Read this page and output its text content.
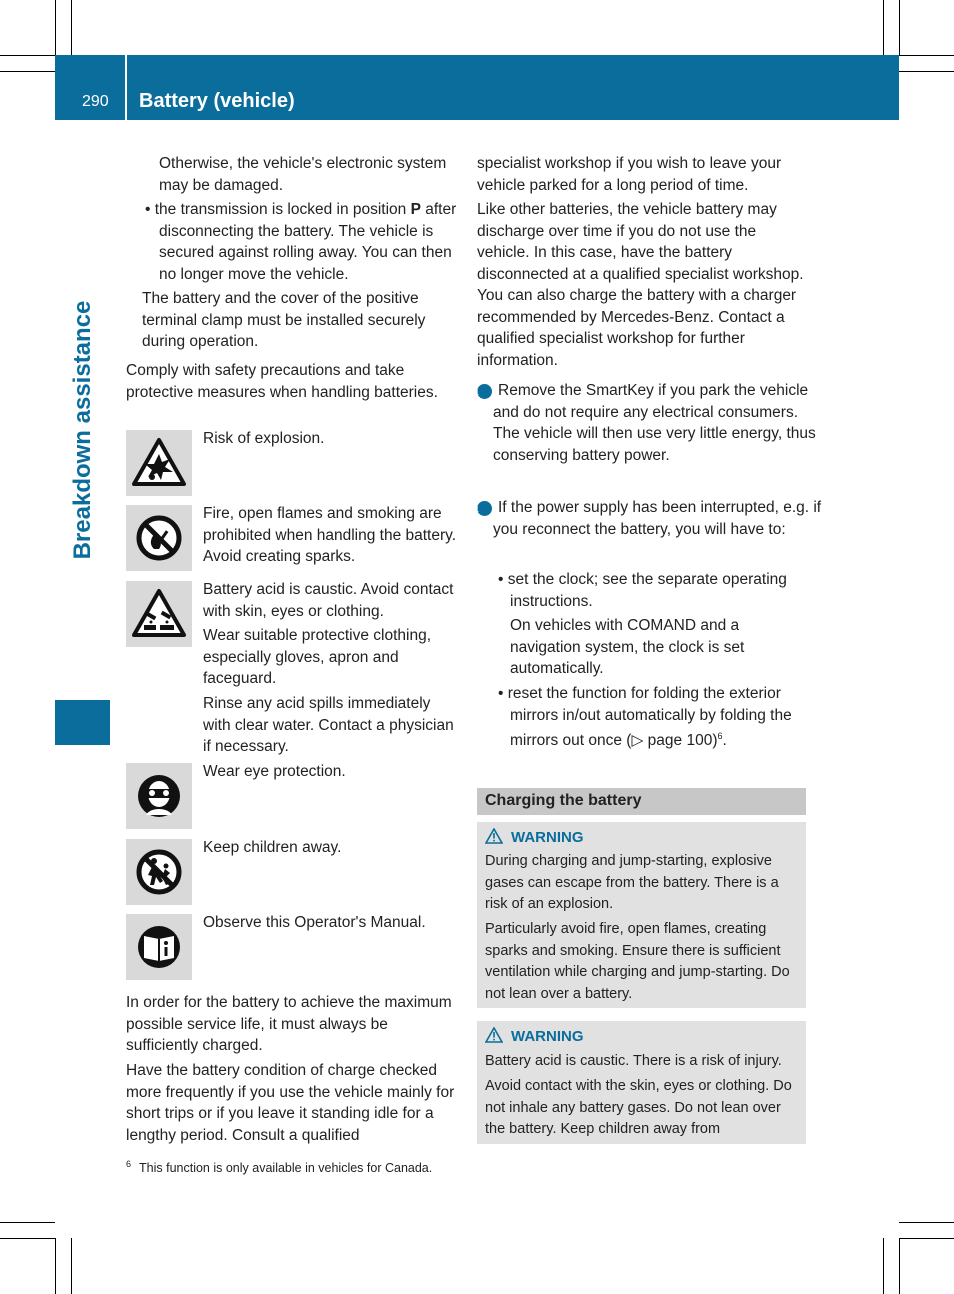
290 Battery (vehicle)
Breakdown assistance
Otherwise, the vehicle's electronic system may be damaged.
• the transmission is locked in position P after disconnecting the battery. The vehicle is secured against rolling away. You can then no longer move the vehicle.
The battery and the cover of the positive terminal clamp must be installed securely during operation.
Comply with safety precautions and take protective measures when handling batteries.
Risk of explosion.
Fire, open flames and smoking are prohibited when handling the battery. Avoid creating sparks.
Battery acid is caustic. Avoid contact with skin, eyes or clothing.
Wear suitable protective clothing, especially gloves, apron and faceguard.
Rinse any acid spills immediately with clear water. Contact a physician if necessary.
Wear eye protection.
Keep children away.
Observe this Operator's Manual.
In order for the battery to achieve the maximum possible service life, it must always be sufficiently charged.
Have the battery condition of charge checked more frequently if you use the vehicle mainly for short trips or if you leave it standing idle for a lengthy period. Consult a qualified
specialist workshop if you wish to leave your vehicle parked for a long period of time.
Like other batteries, the vehicle battery may discharge over time if you do not use the vehicle. In this case, have the battery disconnected at a qualified specialist workshop. You can also charge the battery with a charger recommended by Mercedes-Benz. Contact a qualified specialist workshop for further information.
i Remove the SmartKey if you park the vehicle and do not require any electrical consumers. The vehicle will then use very little energy, thus conserving battery power.
i If the power supply has been interrupted, e.g. if you reconnect the battery, you will have to:
• set the clock; see the separate operating instructions.
On vehicles with COMAND and a navigation system, the clock is set automatically.
• reset the function for folding the exterior mirrors in/out automatically by folding the mirrors out once (▷ page 100)$^6$.
Charging the battery
WARNING
During charging and jump-starting, explosive gases can escape from the battery. There is a risk of an explosion.
Particularly avoid fire, open flames, creating sparks and smoking. Ensure there is sufficient ventilation while charging and jump-starting. Do not lean over a battery.
WARNING
Battery acid is caustic. There is a risk of injury.
Avoid contact with the skin, eyes or clothing. Do not inhale any battery gases. Do not lean over the battery. Keep children away from
$^6$ This function is only available in vehicles for Canada.
